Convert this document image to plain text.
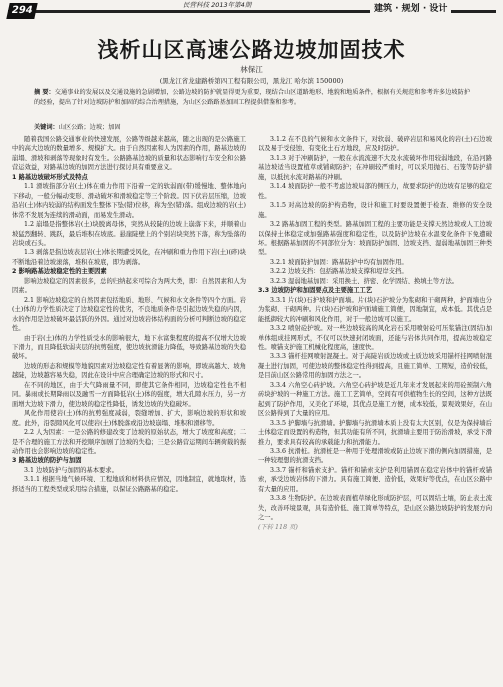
294	民营科技 2013年第4期	建筑 · 规划 · 设计
浅析山区高速公路边坡加固技术
林保江
(黑龙江省龙建路桥第四工程有限公司，黑龙江 哈尔滨 150000)
摘 要：交通事业的发展以及交通设施的急剧增加，公路边坡的防护就显得更为重要，现结合山区道路地形、地貌和地质条件，根据有关规范和参考许多边坡防护的经验，提出了针对边坡防护和加固的综合治理措施，为山区公路路基加固工程提供借鉴和参考。
关键词：山区公路；边坡；加固

随着我国公路交通事业的快速发展，公路等级越来越高，随之出现的是公路施工中的高大边坡的数量增多、规模扩大。由于自然因素和人为因素的作用，路基边坡的崩塌、滑坡和剥落等现象时有发生。公路路基边坡的质量和状态影响行车安全和公路营运效益，对路基边坡的加固方法进行探讨具有重要意义。

1 路基边坡破坏形式及特点

1.1 滑坡指部分岩(土)体在重力作用下沿着一定的软弱面(带)缓慢地、整体地向下移动，一般分幅动变形、滑动破坏和滑坡稳定等三个阶段。因下伏岩层压缩，边坡沿岩(土)体内较弱的结构面发生整体下坠(错)位移，称为坐(错)落。组成边坡的岩(土)体常不发展为连续的滑动面，而易发生滑动。

1.2 崩塌是指整体岩(土)块脱离母体，突然从较陡的边坡上崩落下来，并顺着山坡猛烈翻转、跳跃，最后堆积在坡底。悬崖陡壁上的个别岩块突然下落，称为坠落的岩块或石头。

1.3 剥落是指边坡表层岩(土)体长期遭受风化，在冲刷和重力作用下岩(土)(碎)块不断地沿着边坡滚落，堆积在坡底，即为剥落。

2 影响路基边坡稳定性的主要因素

影响边坡稳定的因素很多，总的归纳起来可综合为两大类，即：自然因素和人为因素。

2.1 影响边坡稳定的自然因素包括地质、地形、气候和水文条件等四个方面。岩(土)体的力学性质决定了边坡稳定性的优劣，不良地质条件是引起边坡失稳的内因，水的作用是边坡破坏最活跃的外因。通过对边坡岩体结构面的分析可判断边坡的稳定性。

由于岩(土)体的力学性质受水的影响很大，地下水富集程度的提高不仅增大边坡下滑力，而且降低软弱夹层的抗剪强度，使边坡抗滑能力降低，导致路基边坡的失稳破坏。

边坡的形态和规模等地貌因素对边坡稳定性有着显著的影响，即坡高越大、坡角越陡，边坡越容易失稳，因此在设计中应合理确定边坡的形式和尺寸。

在不同的地区，由于大气降雨量不同，即使其它条件相同，边坡稳定性也不相同。暴雨或长期降雨以及融雪一方面降低岩(土)体的强度，增大孔隙水压力，另一方面增大边坡下滑力，使边坡的稳定性降低，诱发边坡的失稳破坏。

风化作用使岩(土)体的抗剪强度减弱，裂缝增加、扩大，影响边坡的形状和坡度。此外，沿裂隙风化可以使岩(土)体脱落或沿边坡崩塌、堆积和滑移等。

2.2 人为因素：一是公路的修建改变了边坡的原始状态，增大了坡度和高度；二是不合理的施工方法和开挖顺序加剧了边坡的失稳；三是公路营运期间车辆荷载的振动作用也会影响边坡的稳定性。

3 路基边坡的防护与加固

3.1 边坡防护与加固的基本要求。

3.1.1 根据当地气候环境、工程地质和材料供应情况，因地制宜，就地取材，选择适当的工程类型或采用综合措施，以保证公路路基的稳定。

3.1.2 在不良的气候和水文条件下，对软弱、破碎岩层和易风化的岩(土)石边坡以及易于受侵蚀、有变化土石方地段，应及时防护。

3.1.3 对于冲刷防护，一般在水流流速不大及水流破坏作用较弱地段，在沿河路基边坡适当设置植草或铺砌防护；在冲刷较严重时，可以采用抛石、石笼等防护措施，以抵抗水流对路基的冲刷。

3.1.4 坡面防护一般不考虑边坡局部的侧压力，故要求防护的边坡有足够的稳定性。

3.1.5 对高边坡的防护构造物，设计和施工时要设置便于检查、维修的安全设施。

3.2 路基加固工程的类型。路基加固工程的主要功能是支撑天然边坡或人工边坡以保持土体稳定或加强路基强度和稳定性，以及防护边坡在水温变化条件下免遭破坏。根据路基加固的不同部位分为：坡面防护加固、边坡支挡、湿弱地基加固三种类型。

3.2.1 坡面防护加固：路基防护中均有加固作用。

3.2.2 边坡支挡：包括路基边坡支撑和堤岸支挡。

3.2.3 湿弱地基加固：采用换土、挤密、化学固结、换填土等方法。

3.3 边坡防护和加固要点及主要施工工艺

3.3.1 片(块)石护坡和护面墙。片(块)石护坡分为浆砌和干砌两种，护面墙也分为浆砌、干砌两种。片(块)石护坡和护面墙施工简便，因地制宜，成本低。其优点是能抵御较大的冲刷和风化作用，对于一般边坡可以施工。

3.3.2 喷射砼护坡。对一些边坡较高的风化岩石采用喷射砼可压浆锚注(固结)加单体组成挂网形式，不仅可以快速封闭坡面，还能与岩体共同作用，提高边坡稳定性。喷锚支护施工机械化程度高，速度快。

3.3.3 锚杆挂网喷射混凝土。对于高陡岩质边坡或土质边坡采用锚杆挂网喷射混凝土进行加固，可使边坡的整体稳定性得到提高，且施工简单、工期短，造价较低，是目前山区公路常用的加固方法之一。

3.3.4 六角空心砖护坡。六角空心砖护坡是近几年来才发展起来的用砼预制六角砖块护坡的一种施工方法。施工工艺简单，空间有可供植物生长的空间，这种方法既起到了防护作用，又美化了环境，其优点是施工方便，成本较低，景观效果好，在山区公路得到了大量的应用。

3.3.5 护脚墙与抗滑墙。护脚墙与抗滑墙本质上没有太大区别，仅是为保持墙后土体稳定而设置的构造物，但其功能有所不同，抗滑墙主要用于防治滑坡，承受下滑推力，要求具有较高的承载能力和抗滑能力。

3.3.6 抗滑桩。抗滑桩是一种用于处理滑坡或防止边坡下滑的侧向加固措施，是一种较理想的抗滑支挡。

3.3.7 锚杆和锚索支护。锚杆和锚索支护是利用锚固在稳定岩体中的锚杆或锚索，承受边坡岩体的下滑力。具有施工简便、造价低，效果好等优点，在山区公路中有大量的应用。

3.3.8 生物防护。在边坡表面植草绿化形成防护层，可以固结土壤，防止表土流失，改善环境景观，具有造价低、施工简单等特点，是山区公路边坡防护的发展方向之一。

(下转 118 页)
